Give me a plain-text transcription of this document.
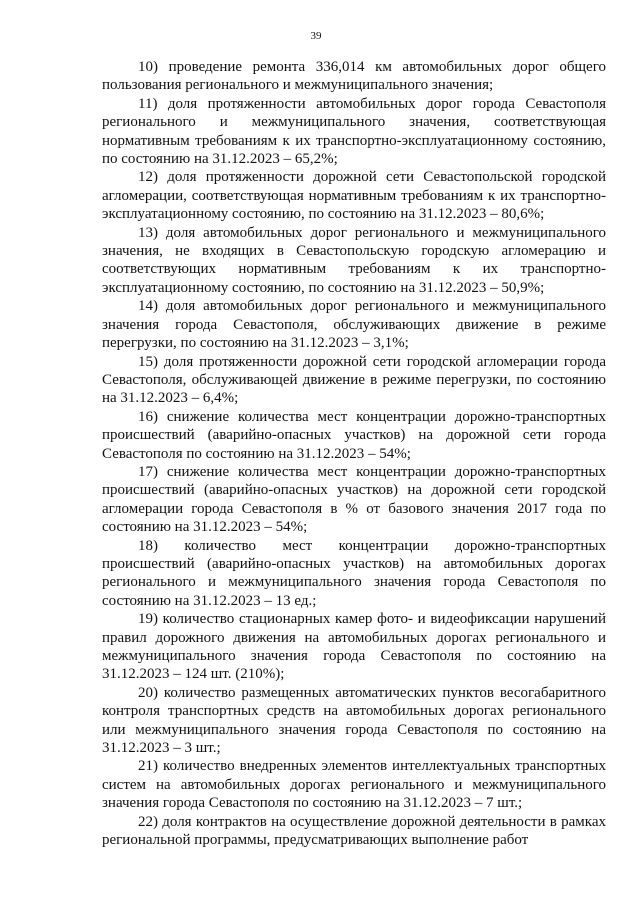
39

10) проведение ремонта 336,014 км автомобильных дорог общего пользования регионального и межмуниципального значения;

11) доля протяженности автомобильных дорог города Севастополя регионального и межмуниципального значения, соответствующая нормативным требованиям к их транспортно-эксплуатационному состоянию, по состоянию на 31.12.2023 – 65,2%;

12) доля протяженности дорожной сети Севастопольской городской агломерации, соответствующая нормативным требованиям к их транспортно-эксплуатационному состоянию, по состоянию на 31.12.2023 – 80,6%;

13) доля автомобильных дорог регионального и межмуниципального значения, не входящих в Севастопольскую городскую агломерацию и соответствующих нормативным требованиям к их транспортно-эксплуатационному состоянию, по состоянию на 31.12.2023 – 50,9%;

14) доля автомобильных дорог регионального и межмуниципального значения города Севастополя, обслуживающих движение в режиме перегрузки, по состоянию на 31.12.2023 – 3,1%;

15) доля протяженности дорожной сети городской агломерации города Севастополя, обслуживающей движение в режиме перегрузки, по состоянию на 31.12.2023 – 6,4%;

16) снижение количества мест концентрации дорожно-транспортных происшествий (аварийно-опасных участков) на дорожной сети города Севастополя по состоянию на 31.12.2023 – 54%;

17) снижение количества мест концентрации дорожно-транспортных происшествий (аварийно-опасных участков) на дорожной сети городской агломерации города Севастополя в % от базового значения 2017 года по состоянию на 31.12.2023 – 54%;

18) количество мест концентрации дорожно-транспортных происшествий (аварийно-опасных участков) на автомобильных дорогах регионального и межмуниципального значения города Севастополя по состоянию на 31.12.2023 – 13 ед.;

19) количество стационарных камер фото- и видеофиксации нарушений правил дорожного движения на автомобильных дорогах регионального и межмуниципального значения города Севастополя по состоянию на 31.12.2023 – 124 шт. (210%);

20) количество размещенных автоматических пунктов весогабаритного контроля транспортных средств на автомобильных дорогах регионального или межмуниципального значения города Севастополя по состоянию на 31.12.2023 – 3 шт.;

21) количество внедренных элементов интеллектуальных транспортных систем на автомобильных дорогах регионального и межмуниципального значения города Севастополя по состоянию на 31.12.2023 – 7 шт.;

22) доля контрактов на осуществление дорожной деятельности в рамках региональной программы, предусматривающих выполнение работ
